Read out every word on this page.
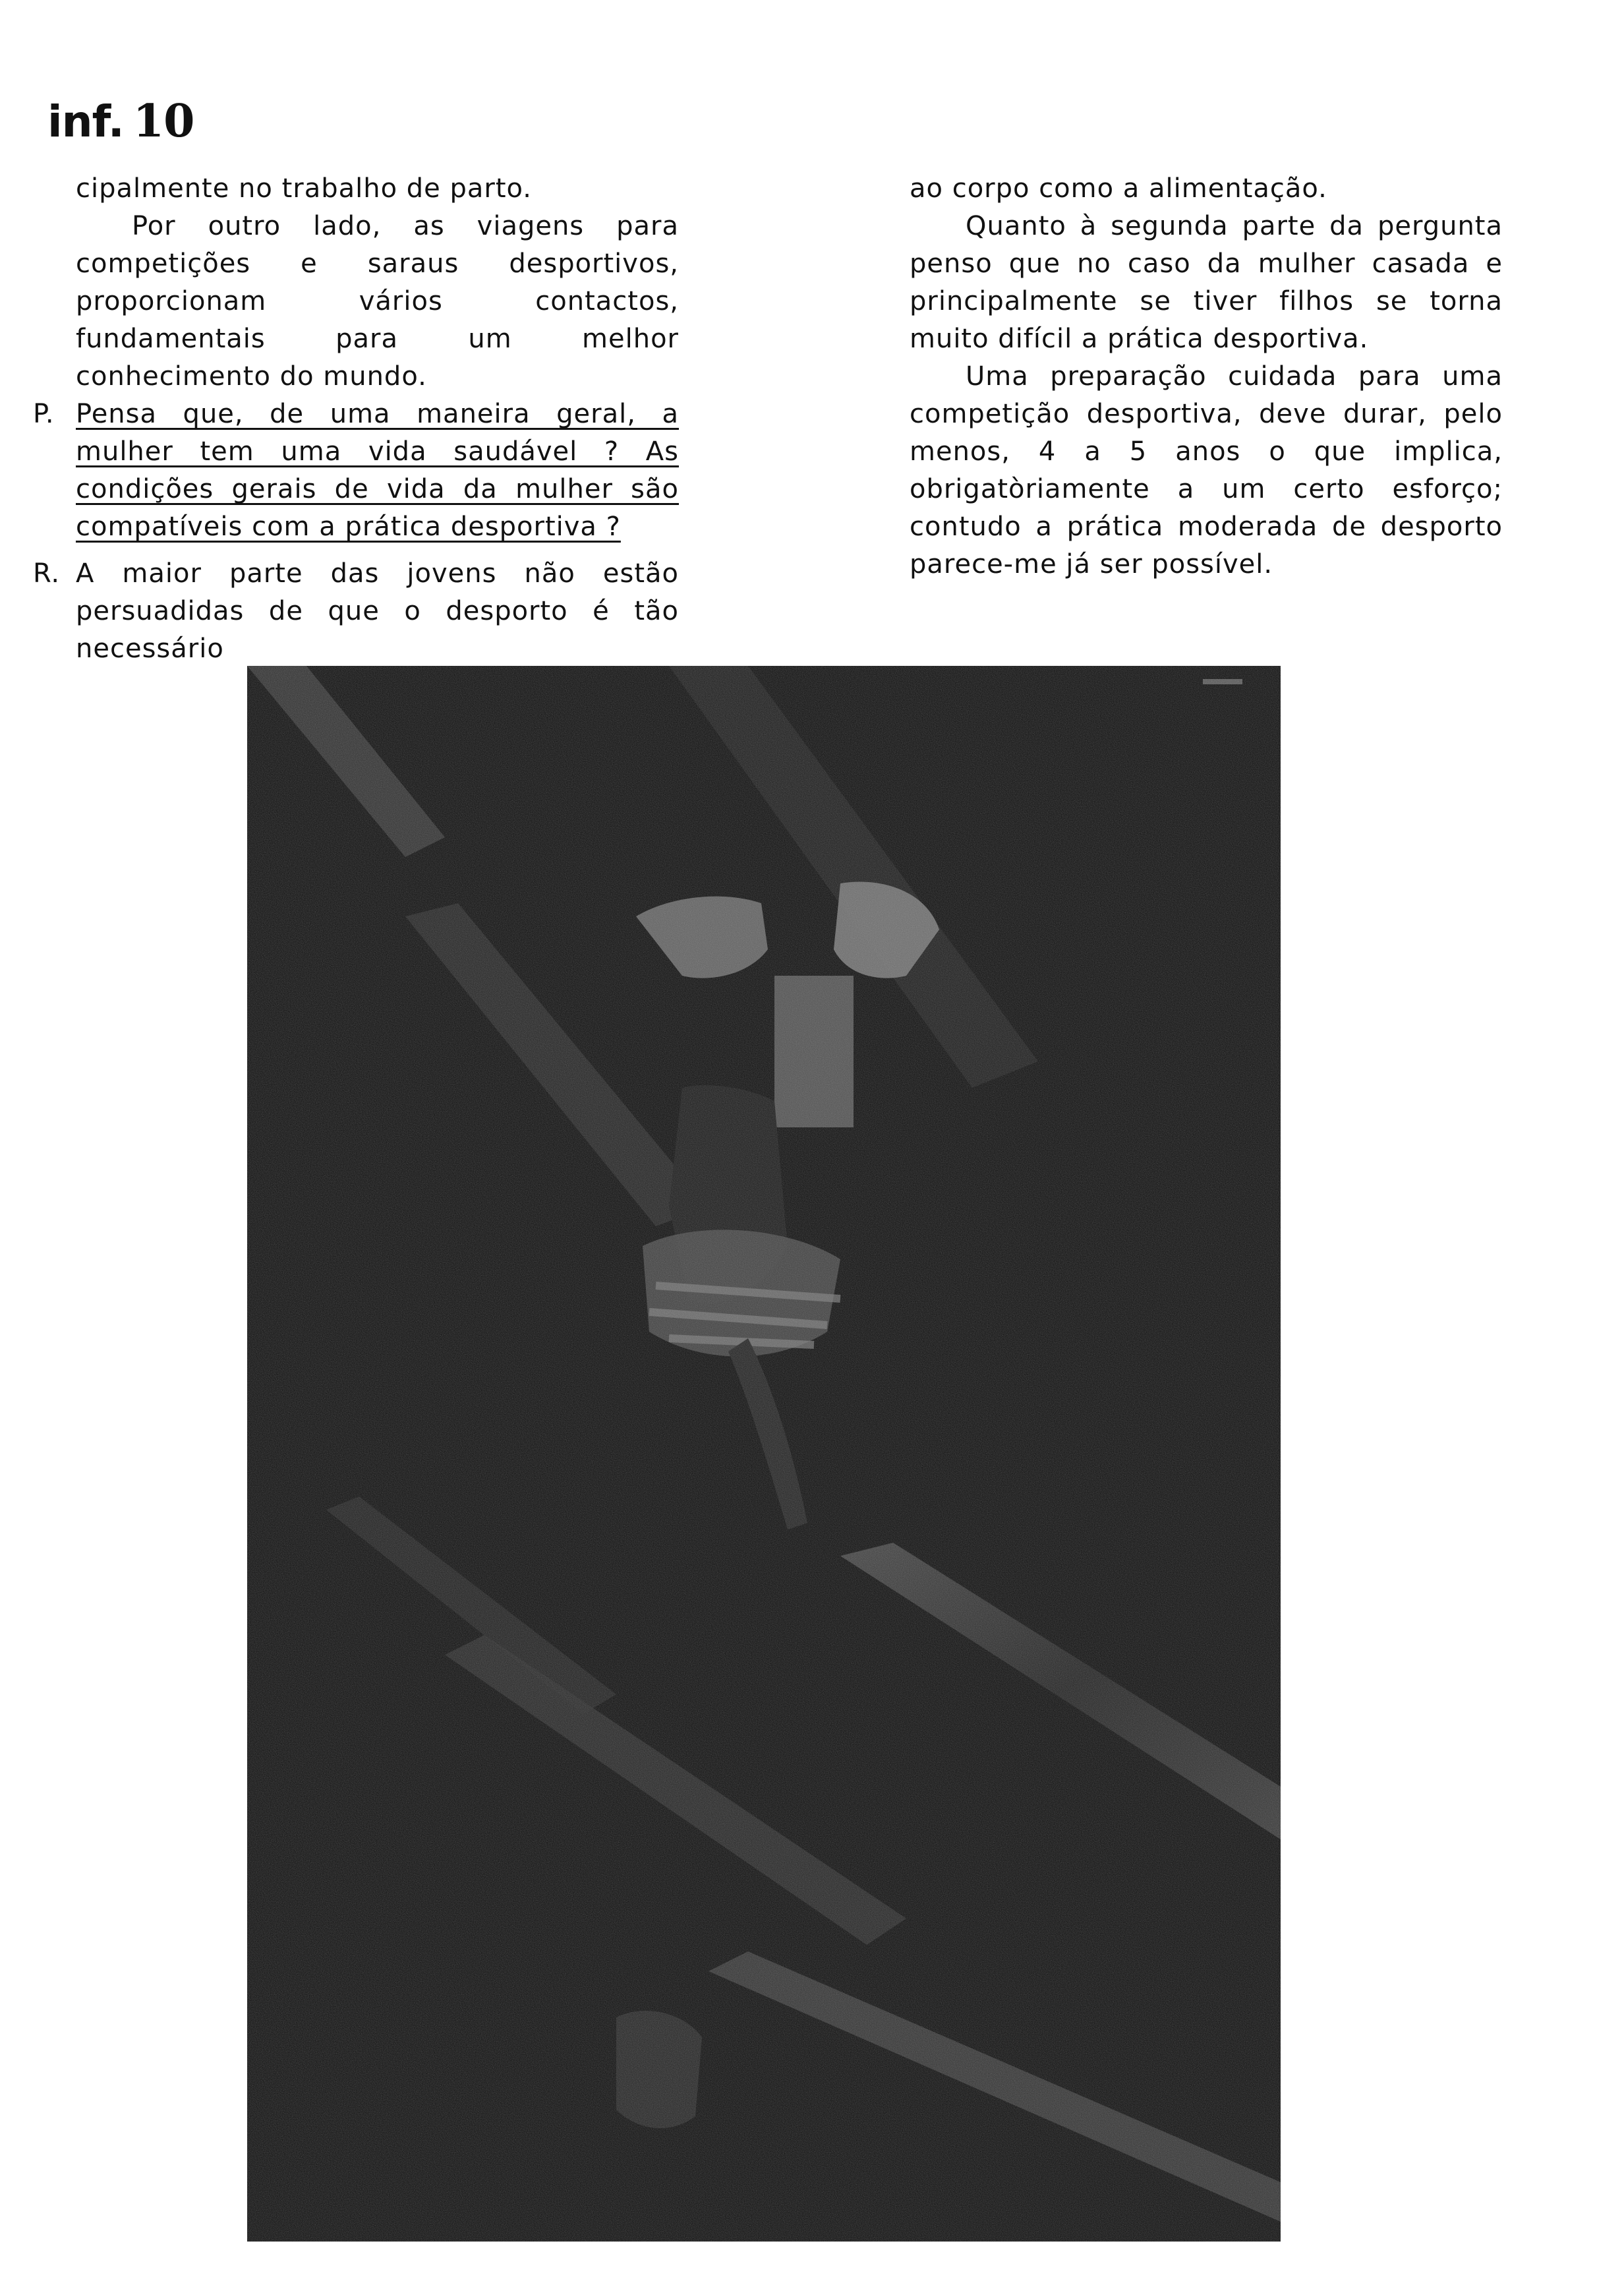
inf. 10

cipalmente no trabalho de parto.

Por outro lado, as viagens para competições e saraus desportivos, proporcionam vários contactos, fundamentais para um melhor conhecimento do mundo.

P. Pensa que, de uma maneira geral, a mulher tem uma vida saudável ? As condições gerais de vida da mulher são compatíveis com a prática desportiva ?
R. A maior parte das jovens não estão persuadidas de que o desporto é tão necessário

ao corpo como a alimentação.

Quanto à segunda parte da pergunta penso que no caso da mulher casada e principalmente se tiver filhos se torna muito difícil a prática desportiva.

Uma preparação cuidada para uma competição desportiva, deve durar, pelo menos, 4 a 5 anos o que implica, obrigatòriamente a um certo esforço; contudo a prática moderada de desporto parece-me já ser possível.
